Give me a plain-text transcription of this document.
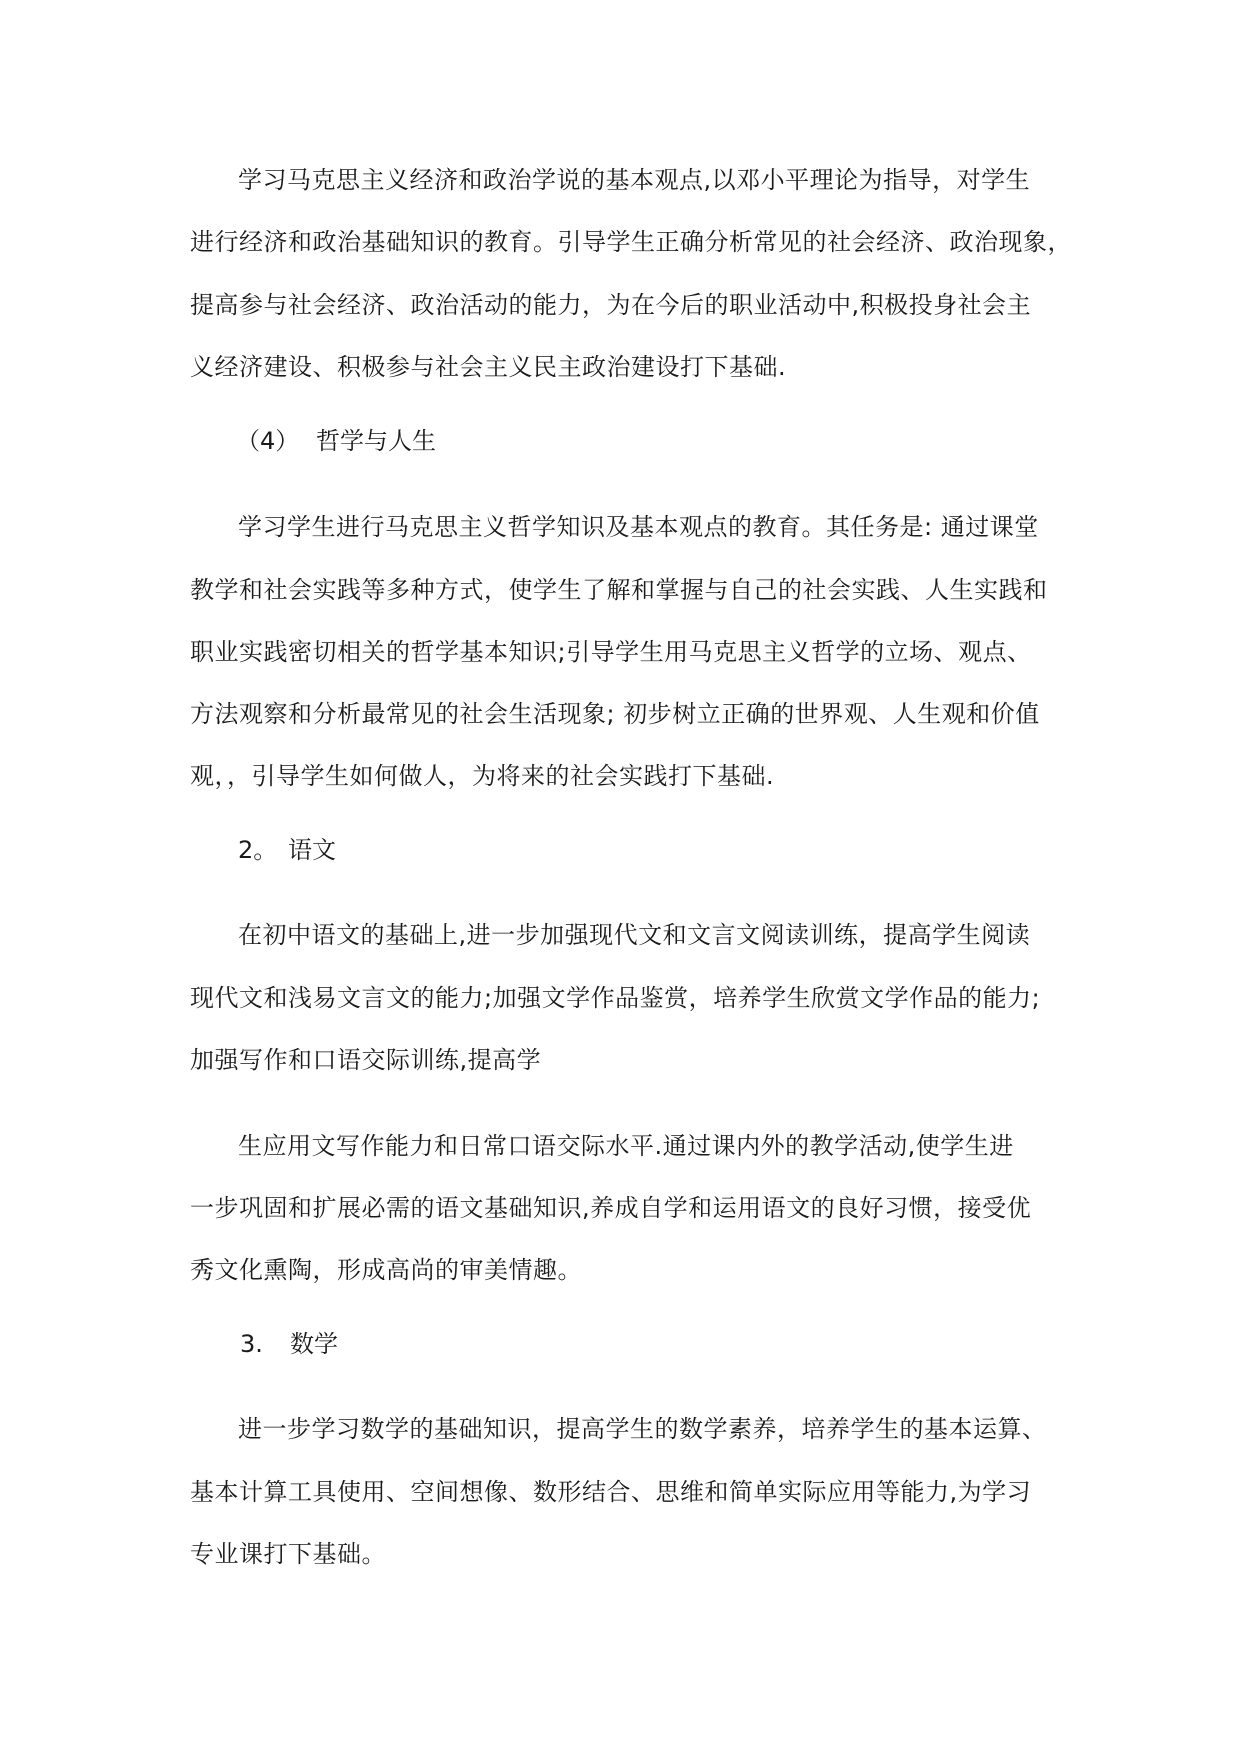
学习马克思主义经济和政治学说的基本观点,以邓小平理论为指导，对学生
进行经济和政治基础知识的教育。引导学生正确分析常见的社会经济、政治现象，
提高参与社会经济、政治活动的能力，为在今后的职业活动中,积极投身社会主
义经济建设、积极参与社会主义民主政治建设打下基础.
（4） 哲学与人生
学习学生进行马克思主义哲学知识及基本观点的教育。其任务是: 通过课堂
教学和社会实践等多种方式，使学生了解和掌握与自己的社会实践、人生实践和
职业实践密切相关的哲学基本知识;引导学生用马克思主义哲学的立场、观点、
方法观察和分析最常见的社会生活现象; 初步树立正确的世界观、人生观和价值
观，，引导学生如何做人，为将来的社会实践打下基础.
2。 语文
在初中语文的基础上,进一步加强现代文和文言文阅读训练，提高学生阅读
现代文和浅易文言文的能力;加强文学作品鉴赏，培养学生欣赏文学作品的能力;
加强写作和口语交际训练,提高学
生应用文写作能力和日常口语交际水平.通过课内外的教学活动,使学生进
一步巩固和扩展必需的语文基础知识,养成自学和运用语文的良好习惯，接受优
秀文化熏陶，形成高尚的审美情趣。
3. 数学
进一步学习数学的基础知识，提高学生的数学素养，培养学生的基本运算、
基本计算工具使用、空间想像、数形结合、思维和简单实际应用等能力,为学习
专业课打下基础。
